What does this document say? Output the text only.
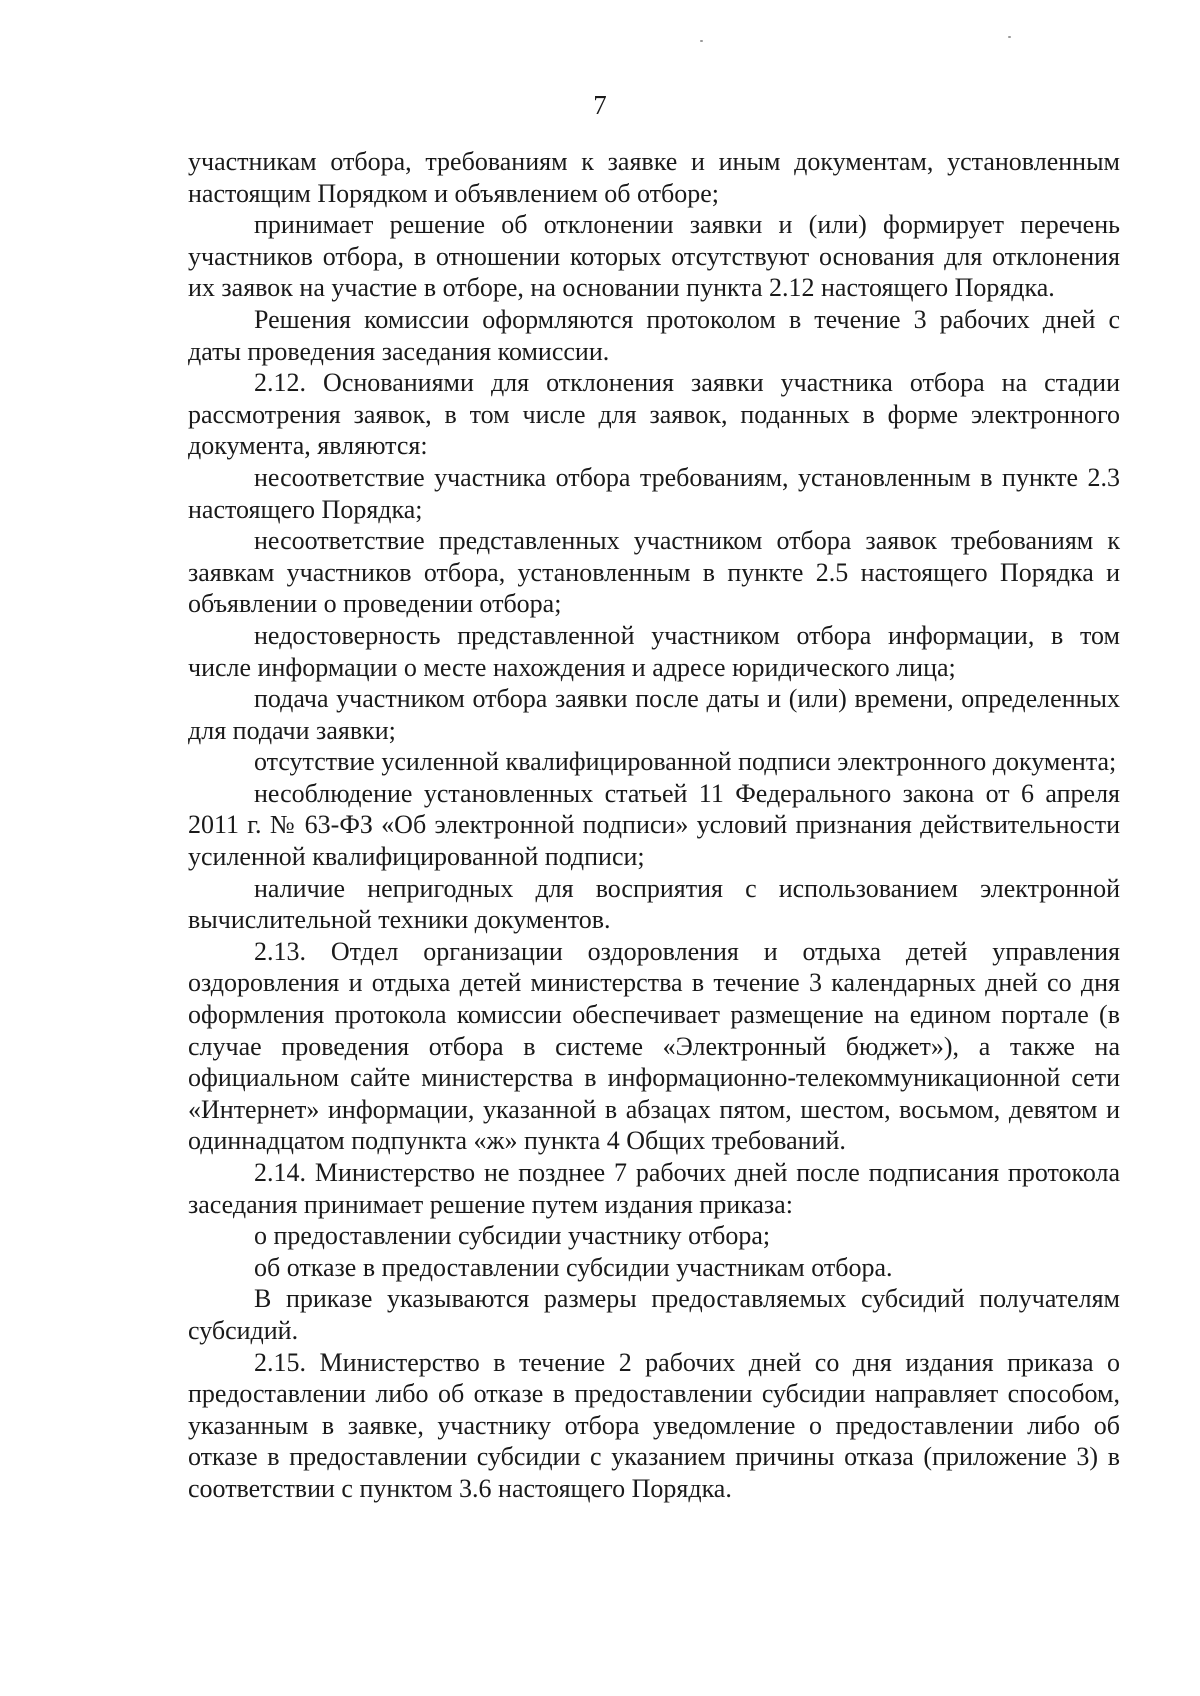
7

участникам отбора, требованиям к заявке и иным документам, установленным настоящим Порядком и объявлением об отборе;

принимает решение об отклонении заявки и (или) формирует перечень участников отбора, в отношении которых отсутствуют основания для отклонения их заявок на участие в отборе, на основании пункта 2.12 настоящего Порядка.

Решения комиссии оформляются протоколом в течение 3 рабочих дней с даты проведения заседания комиссии.

2.12. Основаниями для отклонения заявки участника отбора на стадии рассмотрения заявок, в том числе для заявок, поданных в форме электронного документа, являются:

несоответствие участника отбора требованиям, установленным в пункте 2.3 настоящего Порядка;

несоответствие представленных участником отбора заявок требованиям к заявкам участников отбора, установленным в пункте 2.5 настоящего Порядка и объявлении о проведении отбора;

недостоверность представленной участником отбора информации, в том числе информации о месте нахождения и адресе юридического лица;

подача участником отбора заявки после даты и (или) времени, определенных для подачи заявки;

отсутствие усиленной квалифицированной подписи электронного документа;

несоблюдение установленных статьей 11 Федерального закона от 6 апреля 2011 г. № 63-ФЗ «Об электронной подписи» условий признания действительности усиленной квалифицированной подписи;

наличие непригодных для восприятия с использованием электронной вычислительной техники документов.

2.13. Отдел организации оздоровления и отдыха детей управления оздоровления и отдыха детей министерства в течение 3 календарных дней со дня оформления протокола комиссии обеспечивает размещение на едином портале (в случае проведения отбора в системе «Электронный бюджет»), а также на официальном сайте министерства в информационно-телекоммуникационной сети «Интернет» информации, указанной в абзацах пятом, шестом, восьмом, девятом и одиннадцатом подпункта «ж» пункта 4 Общих требований.

2.14. Министерство не позднее 7 рабочих дней после подписания протокола заседания принимает решение путем издания приказа:

о предоставлении субсидии участнику отбора;

об отказе в предоставлении субсидии участникам отбора.

В приказе указываются размеры предоставляемых субсидий получателям субсидий.

2.15. Министерство в течение 2 рабочих дней со дня издания приказа о предоставлении либо об отказе в предоставлении субсидии направляет способом, указанным в заявке, участнику отбора уведомление о предоставлении либо об отказе в предоставлении субсидии с указанием причины отказа (приложение 3) в соответствии с пунктом 3.6 настоящего Порядка.
